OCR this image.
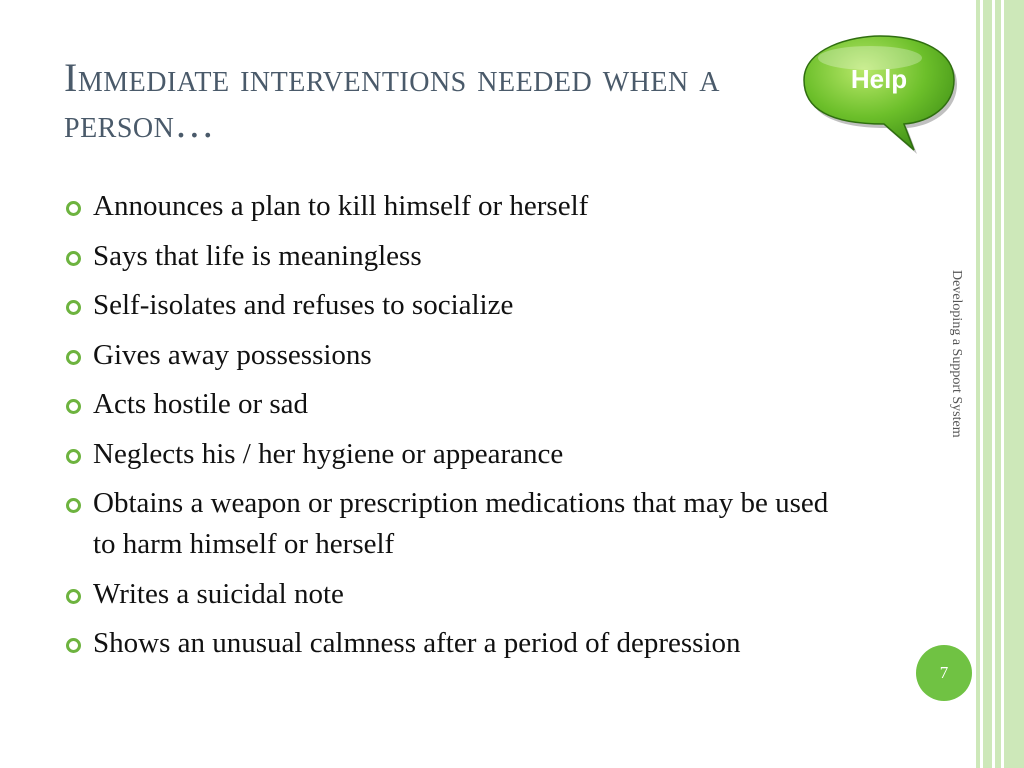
Immediate interventions needed when a person…
Help
Announces a plan to kill himself or herself
Says that life is meaningless
Self-isolates and refuses to socialize
Gives away possessions
Acts hostile or sad
Neglects his / her hygiene or appearance
Obtains a weapon or prescription medications that may be used to harm himself or herself
Writes a suicidal note
Shows an unusual calmness after a period of depression
Developing a Support System
7
